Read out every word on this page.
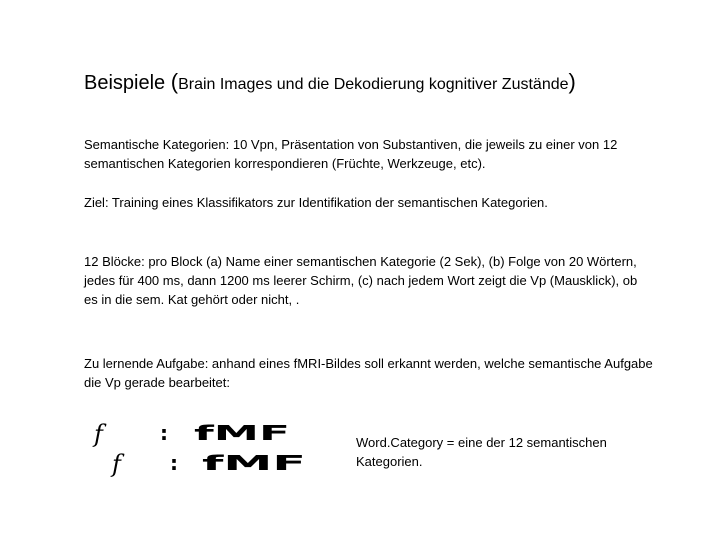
Beispiele (Brain Images und die Dekodierung kognitiver Zustände)
Semantische Kategorien: 10 Vpn, Präsentation von Substantiven, die jeweils zu einer von 12 semantischen Kategorien korrespondieren (Früchte, Werkzeuge, etc).
Ziel: Training eines Klassifikators zur Identifikation der semantischen Kategorien.
12 Blöcke: pro Block (a) Name einer semantischen Kategorie (2 Sek), (b) Folge von 20 Wörtern, jedes für 400 ms, dann 1200 ms leerer Schirm, (c) nach jedem Wort zeigt die Vp (Mausklick), ob es in die sem. Kat gehört oder nicht, .
Zu lernende Aufgabe: anhand eines fMRI-Bildes soll erkannt werden, welche semantische Aufgabe die Vp gerade bearbeitet:
f	: fMF
f : fMF
Word.Category = eine der 12 semantischen Kategorien.
